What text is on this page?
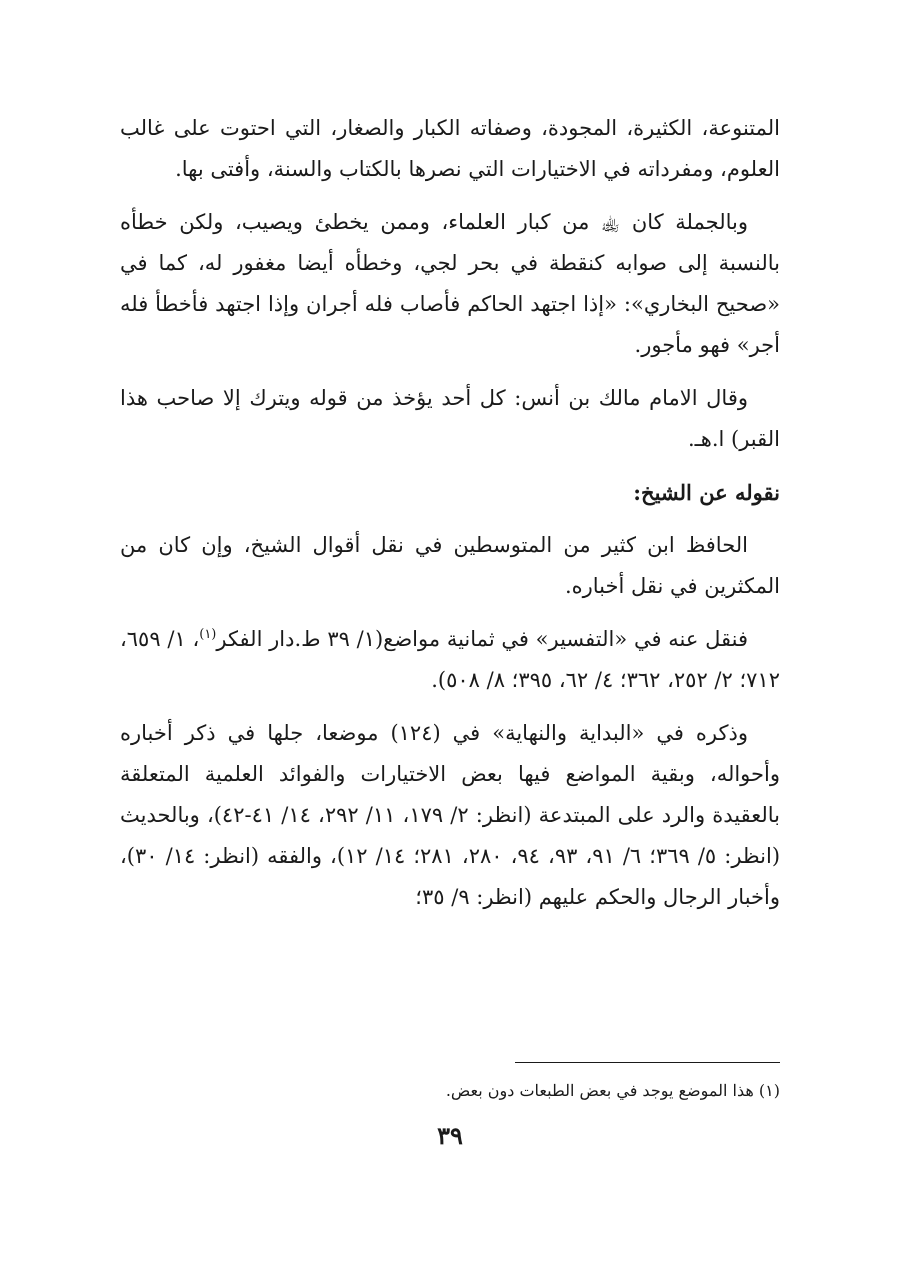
المتنوعة، الكثيرة، المجودة، وصفاته الكبار والصغار، التي احتوت على غالب العلوم، ومفرداته في الاختيارات التي نصرها بالكتاب والسنة، وأفتى بها.

وبالجملة كان ﵀ من كبار العلماء، وممن يخطئ ويصيب، ولكن خطأه بالنسبة إلى صوابه كنقطة في بحر لجي، وخطأه أيضا مغفور له، كما في «صحيح البخاري»: «إذا اجتهد الحاكم فأصاب فله أجران وإذا اجتهد فأخطأ فله أجر» فهو مأجور.

وقال الامام مالك بن أنس: كل أحد يؤخذ من قوله ويترك إلا صاحب هذا القبر) ا.هـ.

نقوله عن الشيخ:

الحافظ ابن كثير من المتوسطين في نقل أقوال الشيخ، وإن كان من المكثرين في نقل أخباره.

فنقل عنه في «التفسير» في ثمانية مواضع(١/ ٣٩ ط.دار الفكر$^{(١)}$، ١/ ٦٥٩، ٧١٢؛ ٢/ ٢٥٢، ٣٦٢؛ ٤/ ٦٢، ٣٩٥؛ ٨/ ٥٠٨).

وذكره في «البداية والنهاية» في (١٢٤) موضعا، جلها في ذكر أخباره وأحواله، وبقية المواضع فيها بعض الاختيارات والفوائد العلمية المتعلقة بالعقيدة والرد على المبتدعة (انظر: ٢/ ١٧٩، ١١/ ٢٩٢، ١٤/ ٤١-٤٢)، وبالحديث (انظر: ٥/ ٣٦٩؛ ٦/ ٩١، ٩٣، ٩٤، ٢٨٠، ٢٨١؛ ١٤/ ١٢)، والفقه (انظر: ١٤/ ٣٠)، وأخبار الرجال والحكم عليهم (انظر: ٩/ ٣٥؛

(١) هذا الموضع يوجد في بعض الطبعات دون بعض.
٣٩
